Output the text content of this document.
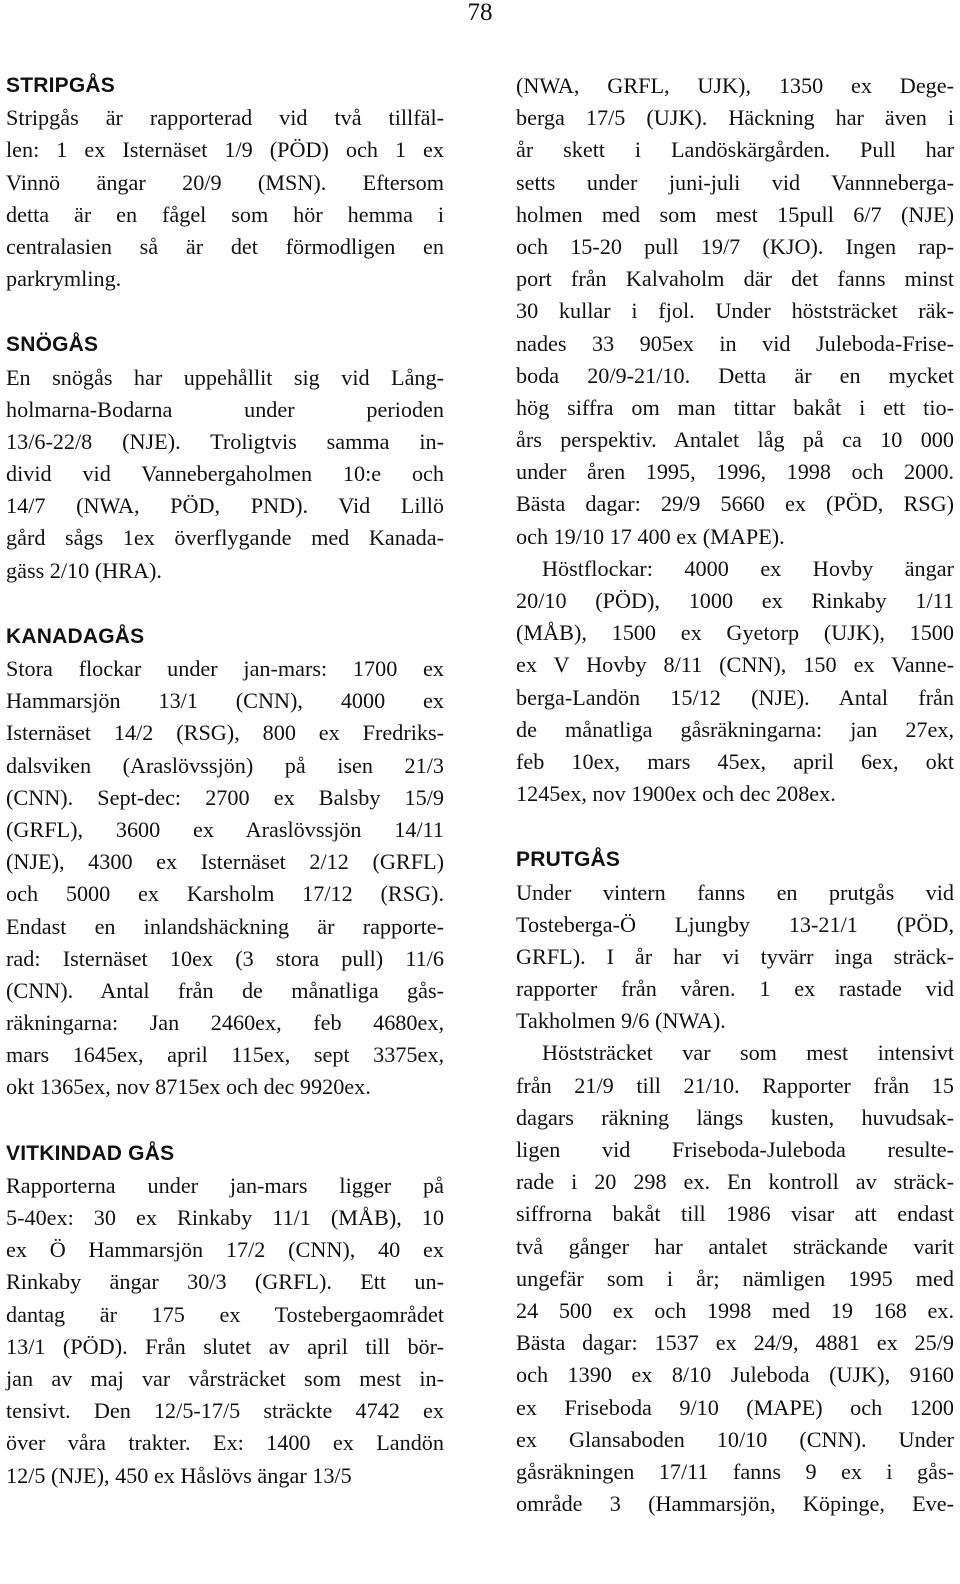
78
STRIPGÅS
Stripgås är rapporterad vid två tillfäl-
len: 1 ex Isternäset 1/9 (PÖD) och 1 ex
Vinnö ängar 20/9 (MSN). Eftersom
detta är en fågel som hör hemma i
centralasien så är det förmodligen en
parkrymling.
SNÖGÅS
En snögås har uppehållit sig vid Lång-
holmarna-Bodarna under perioden
13/6-22/8 (NJE). Troligtvis samma in-
divid vid Vannebergaholmen 10:e och
14/7 (NWA, PÖD, PND). Vid Lillö
gård sågs 1ex överflygande med Kanada-
gäss 2/10 (HRA).
KANADAGÅS
Stora flockar under jan-mars: 1700 ex
Hammarsjön 13/1 (CNN), 4000 ex
Isternäset 14/2 (RSG), 800 ex Fredriks-
dalsviken (Araslövssjön) på isen 21/3
(CNN). Sept-dec: 2700 ex Balsby 15/9
(GRFL), 3600 ex Araslövssjön 14/11
(NJE), 4300 ex Isternäset 2/12 (GRFL)
och 5000 ex Karsholm 17/12 (RSG).
Endast en inlandshäckning är rapporte-
rad: Isternäset 10ex (3 stora pull) 11/6
(CNN). Antal från de månatliga gås-
räkningarna: Jan 2460ex, feb 4680ex,
mars 1645ex, april 115ex, sept 3375ex,
okt 1365ex, nov 8715ex och dec 9920ex.
VITKINDAD GÅS
Rapporterna under jan-mars ligger på
5-40ex: 30 ex Rinkaby 11/1 (MÅB), 10
ex Ö Hammarsjön 17/2 (CNN), 40 ex
Rinkaby ängar 30/3 (GRFL). Ett un-
dantag är 175 ex Tostebergaområdet
13/1 (PÖD). Från slutet av april till bör-
jan av maj var vårsträcket som mest in-
tensivt. Den 12/5-17/5 sträckte 4742 ex
över våra trakter. Ex: 1400 ex Landön
12/5 (NJE), 450 ex Håslövs ängar 13/5
(NWA, GRFL, UJK), 1350 ex Dege-
berga 17/5 (UJK). Häckning har även i
år skett i Landöskärgården. Pull har
setts under juni-juli vid Vannneberga-
holmen med som mest 15pull 6/7 (NJE)
och 15-20 pull 19/7 (KJO). Ingen rap-
port från Kalvaholm där det fanns minst
30 kullar i fjol. Under höststräcket räk-
nades 33 905ex in vid Juleboda-Frise-
boda 20/9-21/10. Detta är en mycket
hög siffra om man tittar bakåt i ett tio-
års perspektiv. Antalet låg på ca 10 000
under åren 1995, 1996, 1998 och 2000.
Bästa dagar: 29/9 5660 ex (PÖD, RSG)
och 19/10 17 400 ex (MAPE).
Höstflockar: 4000 ex Hovby ängar
20/10 (PÖD), 1000 ex Rinkaby 1/11
(MÅB), 1500 ex Gyetorp (UJK), 1500
ex V Hovby 8/11 (CNN), 150 ex Vanne-
berga-Landön 15/12 (NJE). Antal från
de månatliga gåsräkningarna: jan 27ex,
feb 10ex, mars 45ex, april 6ex, okt
1245ex, nov 1900ex och dec 208ex.
PRUTGÅS
Under vintern fanns en prutgås vid
Tosteberga-Ö Ljungby 13-21/1 (PÖD,
GRFL). I år har vi tyvärr inga sträck-
rapporter från våren. 1 ex rastade vid
Takholmen 9/6 (NWA).
Höststräcket var som mest intensivt
från 21/9 till 21/10. Rapporter från 15
dagars räkning längs kusten, huvudsak-
ligen vid Friseboda-Juleboda resulte-
rade i 20 298 ex. En kontroll av sträck-
siffrorna bakåt till 1986 visar att endast
två gånger har antalet sträckande varit
ungefär som i år; nämligen 1995 med
24 500 ex och 1998 med 19 168 ex.
Bästa dagar: 1537 ex 24/9, 4881 ex 25/9
och 1390 ex 8/10 Juleboda (UJK), 9160
ex Friseboda 9/10 (MAPE) och 1200
ex Glansaboden 10/10 (CNN). Under
gåsräkningen 17/11 fanns 9 ex i gås-
område 3 (Hammarsjön, Köpinge, Eve-
